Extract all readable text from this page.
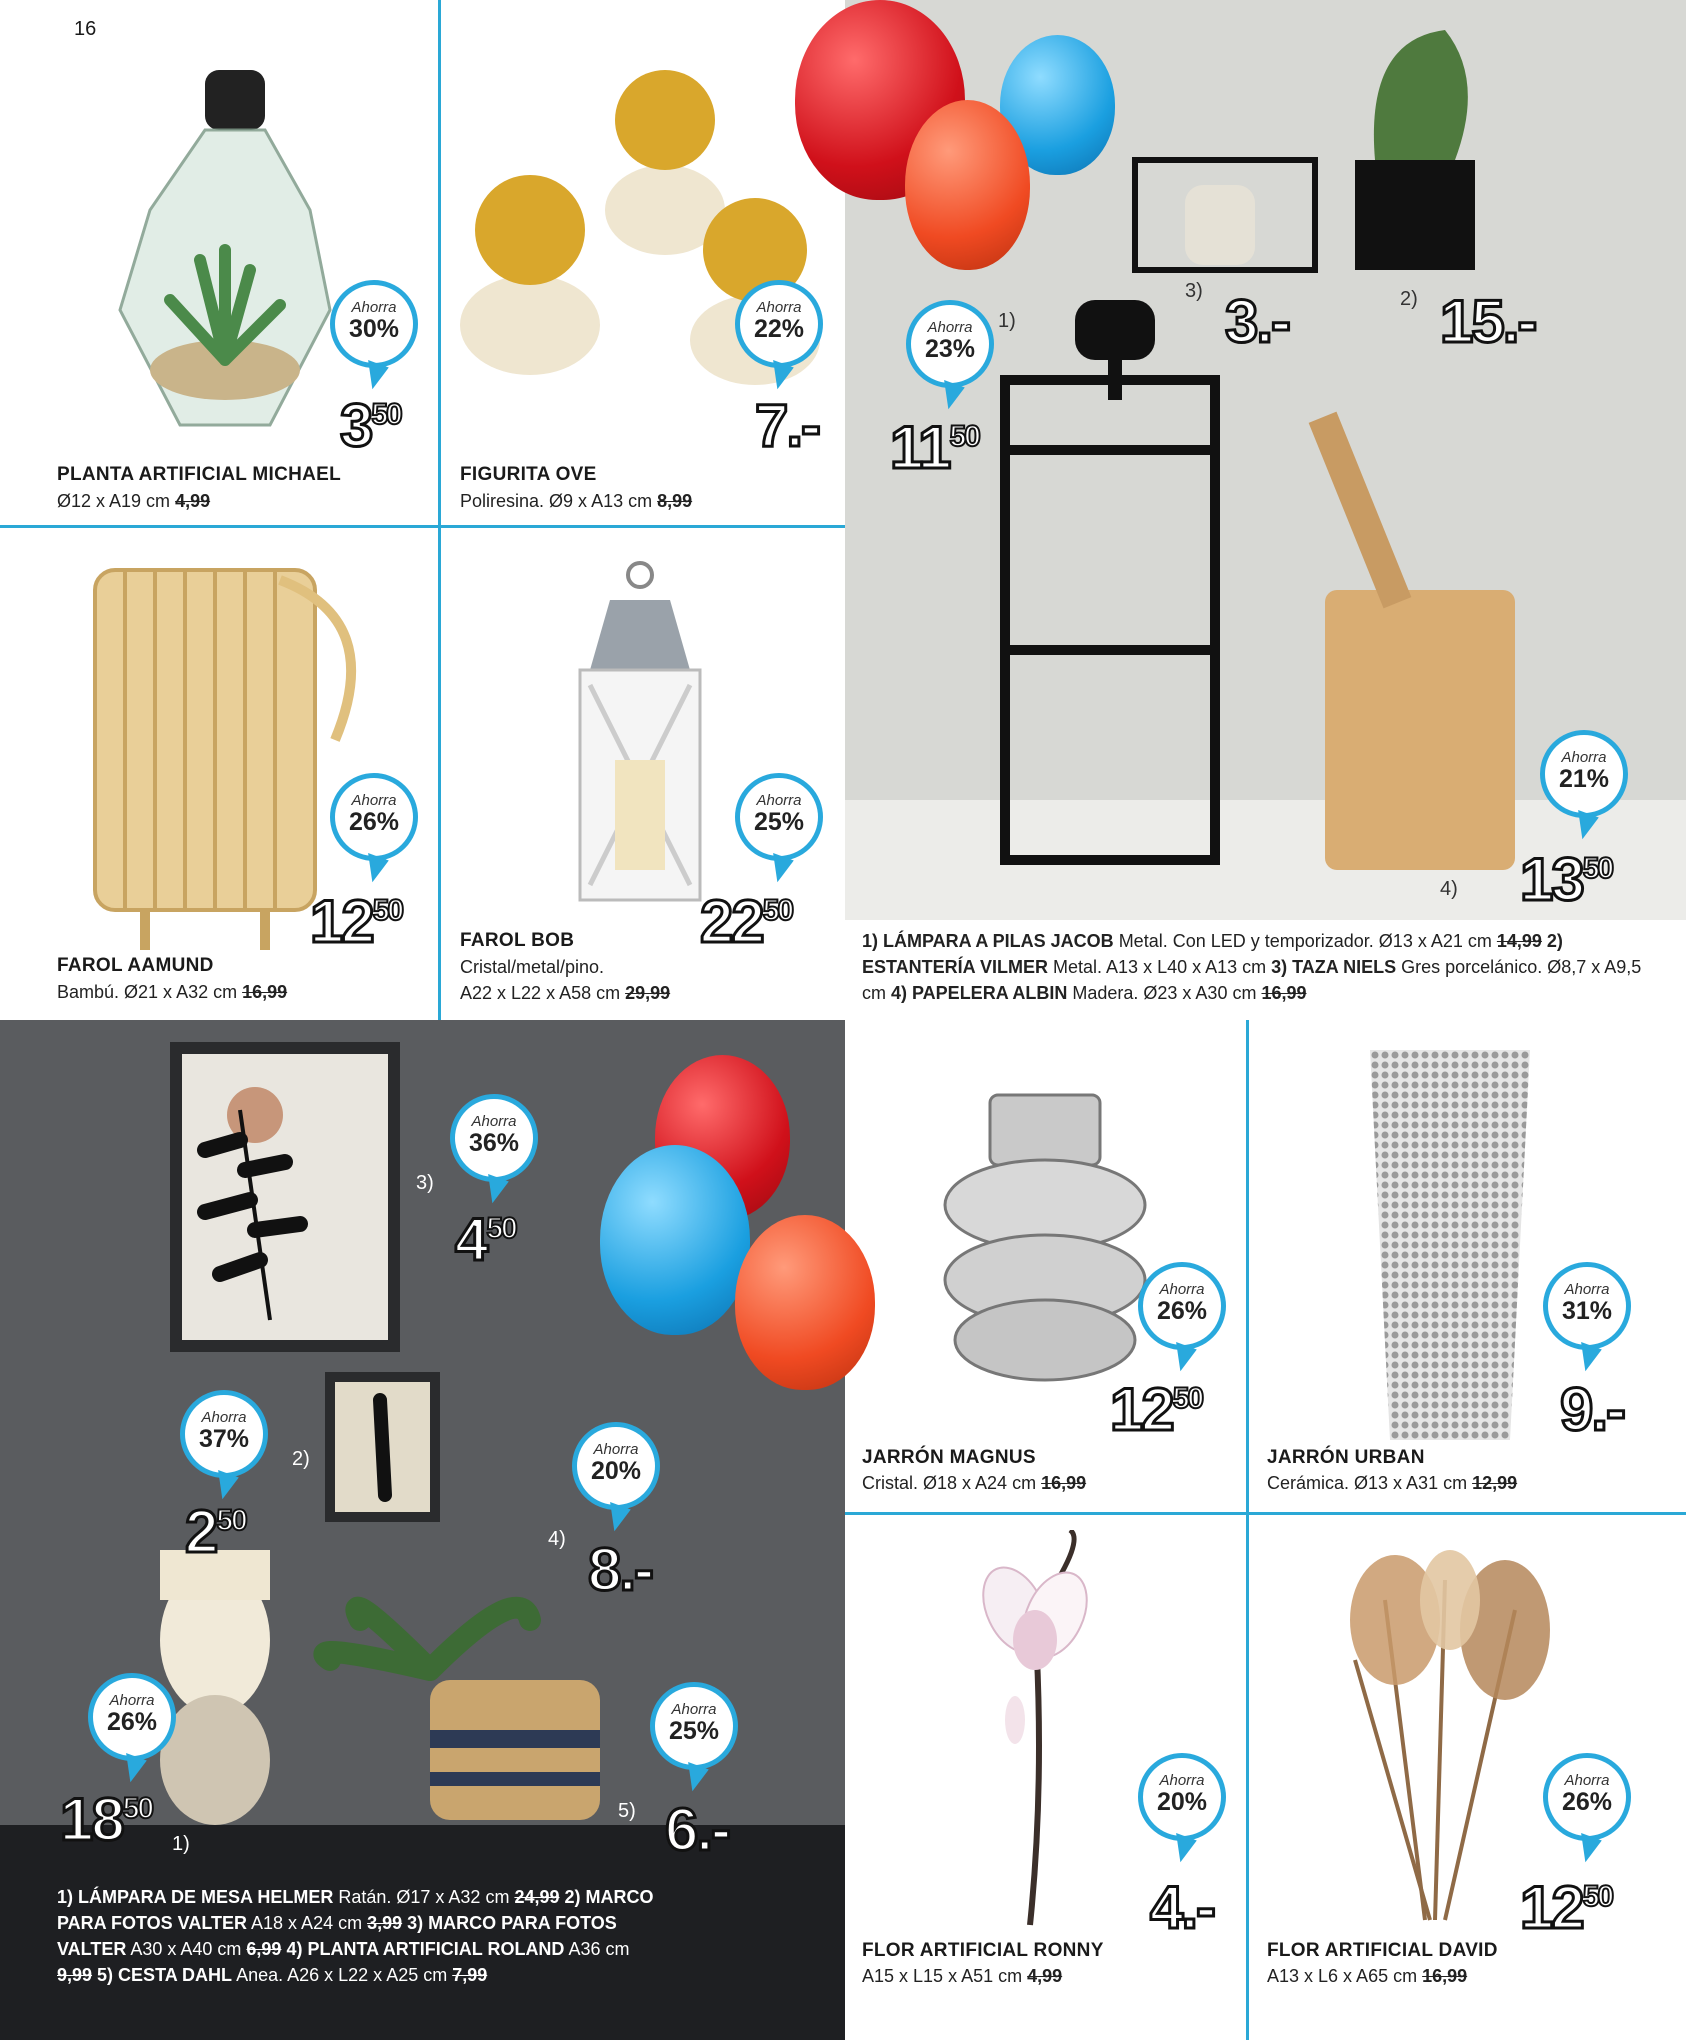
16
Ahorra
30%
$3^{50}$
PLANTA ARTIFICIAL MICHAEL
Ø12 x A19 cm 4,99
Ahorra
22%
7.-
FIGURITA OVE
Poliresina. Ø9 x A13 cm 8,99
Ahorra
26%
$12^{50}$
FAROL AAMUND
Bambú. Ø21 x A32 cm 16,99
Ahorra
25%
$22^{50}$
FAROL BOB
Cristal/metal/pino.
A22 x L22 x A58 cm 29,99
Ahorra
23%
1)
$11^{50}$
3) 3.-	2) 15.-
Ahorra
21%
4) $13^{50}$
1) LÁMPARA A PILAS JACOB Metal. Con LED y temporizador. Ø13 x A21 cm 14,99 2) ESTANTERÍA VILMER Metal. A13 x L40 x A13 cm 3) TAZA NIELS Gres porcelánico. Ø8,7 x A9,5 cm 4) PAPELERA ALBIN Madera. Ø23 x A30 cm 16,99
Ahorra
36%
3)
$4^{50}$
Ahorra
37%
2)
$2^{50}$
Ahorra
20%
4) 8.-
Ahorra
26%
$18^{50}$
1)
Ahorra
25%
5) 6.-
1) LÁMPARA DE MESA HELMER Ratán. Ø17 x A32 cm 24,99 2) MARCO PARA FOTOS VALTER A18 x A24 cm 3,99 3) MARCO PARA FOTOS VALTER A30 x A40 cm 6,99 4) PLANTA ARTIFICIAL ROLAND A36 cm 9,99 5) CESTA DAHL Anea. A26 x L22 x A25 cm 7,99
Ahorra
26%
$12^{50}$
JARRÓN MAGNUS
Cristal. Ø18 x A24 cm 16,99
Ahorra
31%
9.-
JARRÓN URBAN
Cerámica. Ø13 x A31 cm 12,99
Ahorra
20%
4.-
FLOR ARTIFICIAL RONNY
A15 x L15 x A51 cm 4,99
Ahorra
26%
$12^{50}$
FLOR ARTIFICIAL DAVID
A13 x L6 x A65 cm 16,99
